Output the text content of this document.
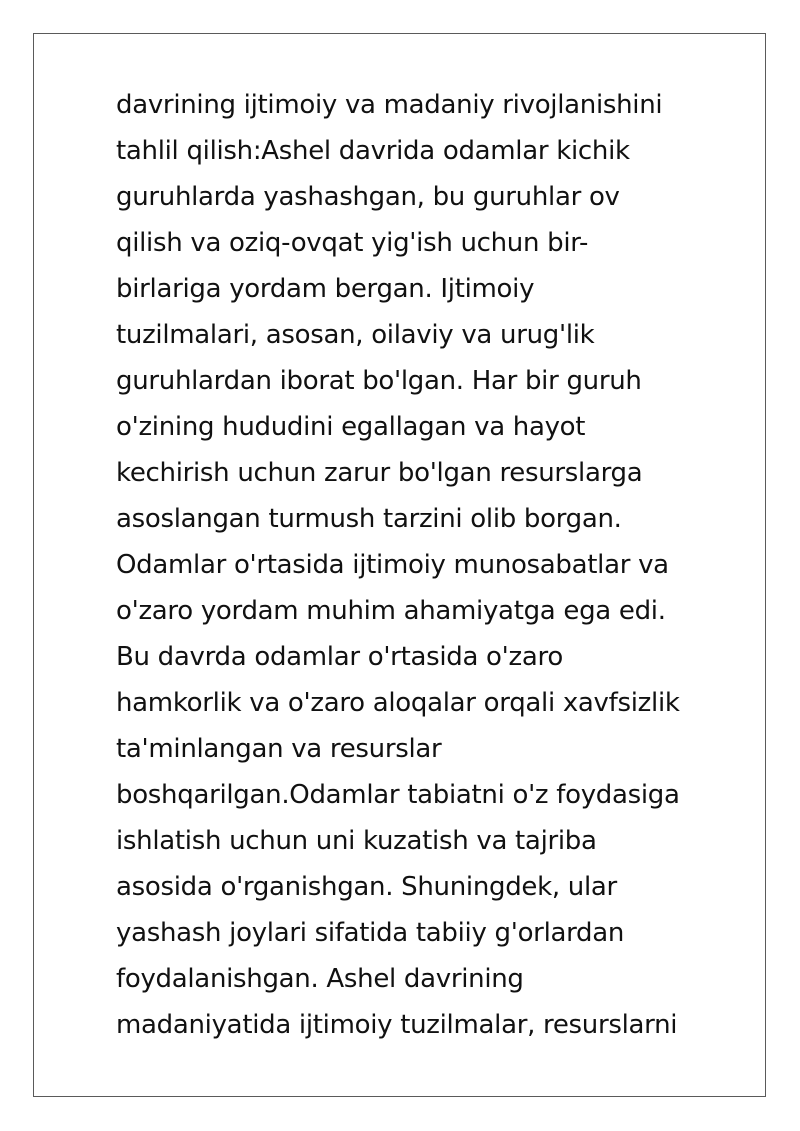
davrining ijtimoiy va madaniy rivojlanishini
tahlil qilish:Ashel davrida odamlar kichik
guruhlarda yashashgan, bu guruhlar ov
qilish va oziq-ovqat yig'ish uchun bir-
birlariga yordam bergan. Ijtimoiy
tuzilmalari, asosan, oilaviy va urug'lik
guruhlardan iborat bo'lgan. Har bir guruh
o'zining hududini egallagan va hayot
kechirish uchun zarur bo'lgan resurslarga
asoslangan turmush tarzini olib borgan.
Odamlar o'rtasida ijtimoiy munosabatlar va
o'zaro yordam muhim ahamiyatga ega edi.
Bu davrda odamlar o'rtasida o'zaro
hamkorlik va o'zaro aloqalar orqali xavfsizlik
ta'minlangan va resurslar
boshqarilgan.Odamlar tabiatni o'z foydasiga
ishlatish uchun uni kuzatish va tajriba
asosida o'rganishgan. Shuningdek, ular
yashash joylari sifatida tabiiy g'orlardan
foydalanishgan. Ashel davrining
madaniyatida ijtimoiy tuzilmalar, resurslarni
